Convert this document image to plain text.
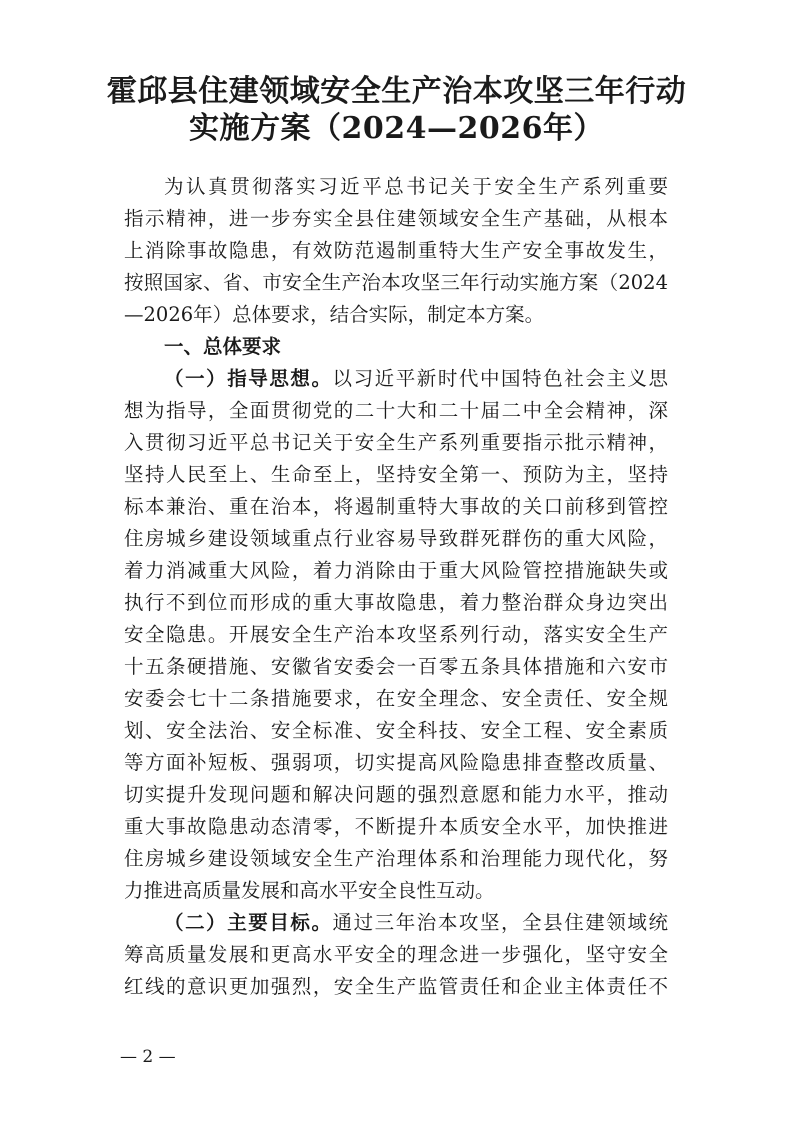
霍邱县住建领域安全生产治本攻坚三年行动
实施方案（2024—2026年）
为认真贯彻落实习近平总书记关于安全生产系列重要
指示精神，进一步夯实全县住建领域安全生产基础，从根本
上消除事故隐患，有效防范遏制重特大生产安全事故发生，
按照国家、省、市安全生产治本攻坚三年行动实施方案（2024
—2026年）总体要求，结合实际，制定本方案。
一、总体要求
（一）指导思想。以习近平新时代中国特色社会主义思
想为指导，全面贯彻党的二十大和二十届二中全会精神，深
入贯彻习近平总书记关于安全生产系列重要指示批示精神，
坚持人民至上、生命至上，坚持安全第一、预防为主，坚持
标本兼治、重在治本，将遏制重特大事故的关口前移到管控
住房城乡建设领域重点行业容易导致群死群伤的重大风险，
着力消减重大风险，着力消除由于重大风险管控措施缺失或
执行不到位而形成的重大事故隐患，着力整治群众身边突出
安全隐患。开展安全生产治本攻坚系列行动，落实安全生产
十五条硬措施、安徽省安委会一百零五条具体措施和六安市
安委会七十二条措施要求，在安全理念、安全责任、安全规
划、安全法治、安全标准、安全科技、安全工程、安全素质
等方面补短板、强弱项，切实提高风险隐患排查整改质量、
切实提升发现问题和解决问题的强烈意愿和能力水平，推动
重大事故隐患动态清零，不断提升本质安全水平，加快推进
住房城乡建设领域安全生产治理体系和治理能力现代化，努
力推进高质量发展和高水平安全良性互动。
（二）主要目标。通过三年治本攻坚，全县住建领域统
筹高质量发展和更高水平安全的理念进一步强化，坚守安全
红线的意识更加强烈，安全生产监管责任和企业主体责任不
— 2 —
